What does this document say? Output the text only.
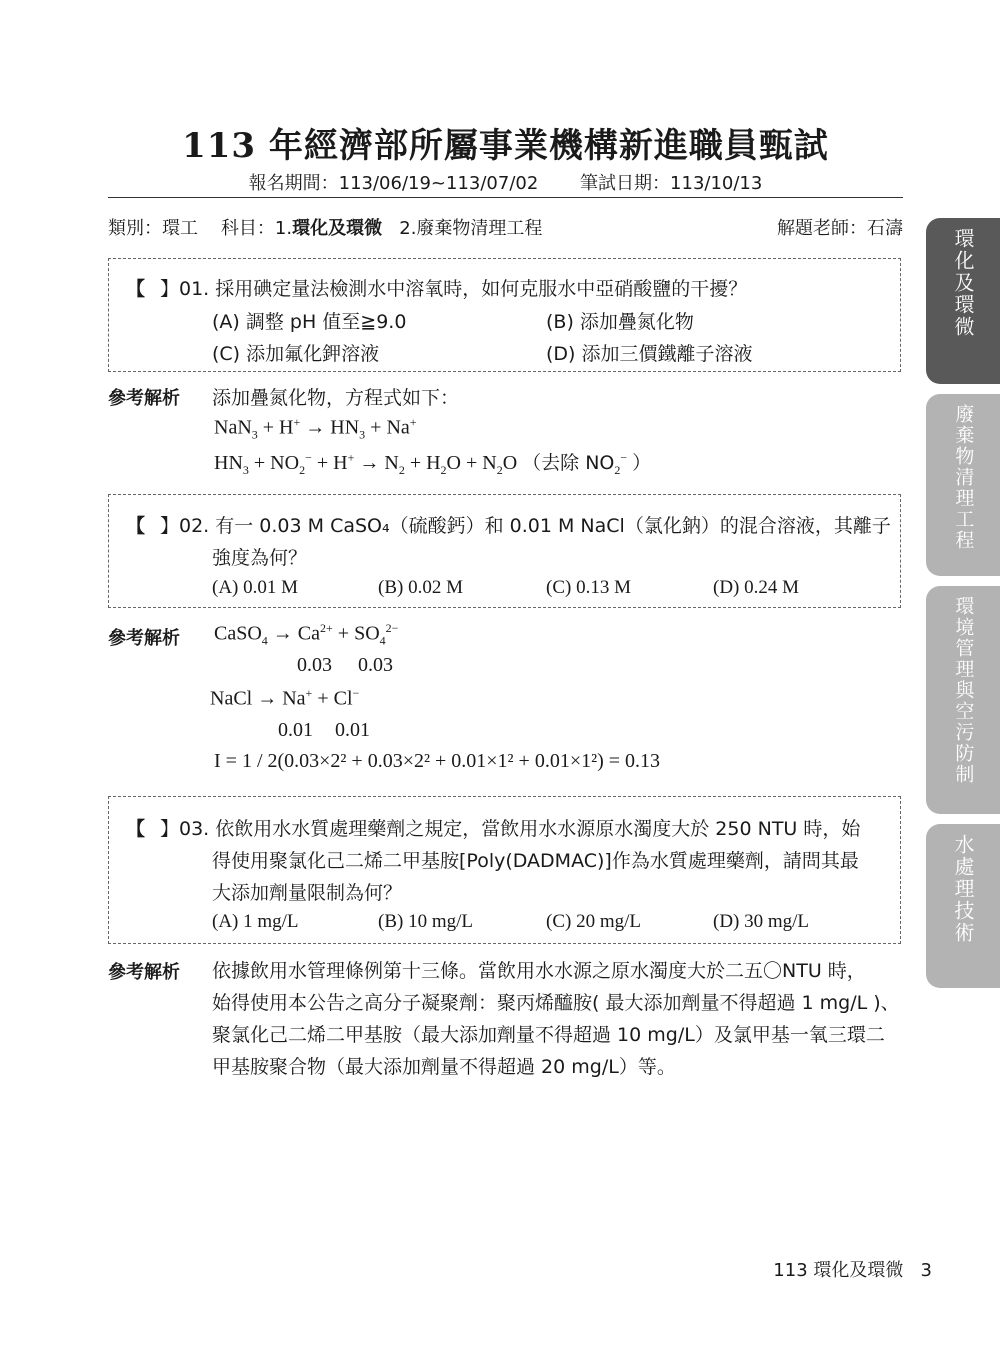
113 年經濟部所屬事業機構新進職員甄試
報名期間：113/06/19~113/07/02 筆試日期：113/10/13
類別：環工 科目：1.環化及環微 2.廢棄物清理工程	解題老師：石濤
【 】01. 採用碘定量法檢測水中溶氧時，如何克服水中亞硝酸鹽的干擾？
(A) 調整 pH 值至≧9.0	(B) 添加疊氮化物
(C) 添加氟化鉀溶液	(D) 添加三價鐵離子溶液
參考解析 添加疊氮化物，方程式如下：
$NaN_3 + H^+ \to HN_3 + Na^+$
$HN_3 + NO_2^- + H^+ \to N_2 + H_2O + N_2O$ （去除 $NO_2^-$ ）
【 】02. 有一 0.03 M CaSO₄（硫酸鈣）和 0.01 M NaCl（氯化鈉）的混合溶液，其離子
強度為何？
(A) 0.01 M	(B) 0.02 M	(C) 0.13 M	(D) 0.24 M
參考解析 CaSO$_4$ → $Ca^{2+} + SO_4^{2-}$
0.03 0.03
NaCl → Na+ + Cl−
0.01 0.01
I = 1 / 2(0.03×2² + 0.03×2² + 0.01×1² + 0.01×1²) = 0.13
【 】03. 依飲用水水質處理藥劑之規定，當飲用水水源原水濁度大於 250 NTU 時，始
得使用聚氯化己二烯二甲基胺[Poly(DADMAC)]作為水質處理藥劑，請問其最
大添加劑量限制為何？
(A) 1 mg/L	(B) 10 mg/L	(C) 20 mg/L	(D) 30 mg/L
參考解析 依據飲用水管理條例第十三條。當飲用水水源之原水濁度大於二五〇NTU 時，
始得使用本公告之高分子凝聚劑：聚丙烯醯胺( 最大添加劑量不得超過 1 mg/L )、
聚氯化己二烯二甲基胺（最大添加劑量不得超過 10 mg/L）及氯甲基一氧三環二
甲基胺聚合物（最大添加劑量不得超過 20 mg/L）等。
環化及環微
廢棄物清理工程
環境管理與空污防制
水處理技術
113 環化及環微 3
